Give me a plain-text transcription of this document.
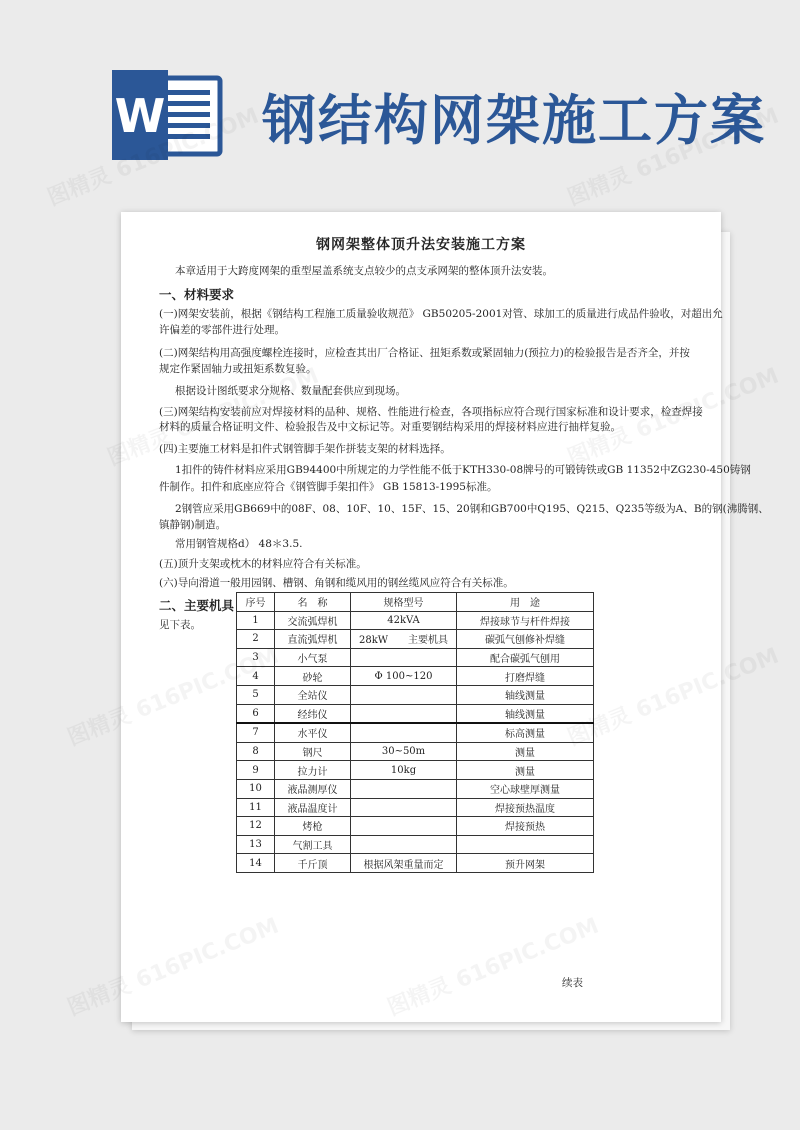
W 钢结构网架施工方案
钢网架整体顶升法安装施工方案
本章适用于大跨度网架的重型屋盖系统支点较少的点支承网架的整体顶升法安装。
一、材料要求
(一)网架安装前，根据《钢结构工程施工质量验收规范》 GB50205-2001对管、球加工的质量进行成品件验收，对超出允
许偏差的零部件进行处理。
(二)网架结构用高强度螺栓连接时，应检查其出厂合格证、扭矩系数或紧固轴力(预拉力)的检验报告是否齐全，并按
规定作紧固轴力或扭矩系数复验。
根据设计图纸要求分规格、数量配套供应到现场。
(三)网架结构安装前应对焊接材料的品种、规格、性能进行检查，各项指标应符合现行国家标准和设计要求，检查焊接
材料的质量合格证明文件、检验报告及中文标记等。对重要钢结构采用的焊接材料应进行抽样复验。
(四)主要施工材料是扣件式钢管脚手架作拼装支架的材料选择。
1扣件的铸件材料应采用GB94400中所规定的力学性能不低于KTH330-08牌号的可锻铸铁或GB 11352中ZG230-450铸钢
件制作。扣件和底座应符合《钢管脚手架扣件》 GB 15813-1995标准。
2钢管应采用GB669中的08F、08、10F、10、15F、15、20钢和GB700中Q195、Q215、Q235等级为A、B的钢(沸腾钢、
镇静钢)制造。
常用钢管规格d） 48＊3.5.
(五)顶升支架或枕木的材料应符合有关标准。
(六)导向滑道一般用园钢、槽钢、角钢和缆风用的钢丝缆风应符合有关标准。
二、主要机具
见下表。
序号	名　称	规格型号	用　途
1	交流弧焊机	42kVA	焊接球节与杆件焊接
2	直流弧焊机	28kW　　主要机具	碳弧气刨修补焊缝
3	小气泵		配合碳弧气刨用
4	砂轮	Φ 100~120	打磨焊缝
5	全站仪		轴线测量
6	经纬仪		轴线测量
7	水平仪		标高测量
8	钢尺	30~50m	测量
9	拉力计	10kg	测量
10	液晶测厚仪		空心球壁厚测量
11	液晶温度计		焊接预热温度
12	烤枪		焊接预热
13	气割工具		
14	千斤顶	根据风架重量而定	预升网架
续表
